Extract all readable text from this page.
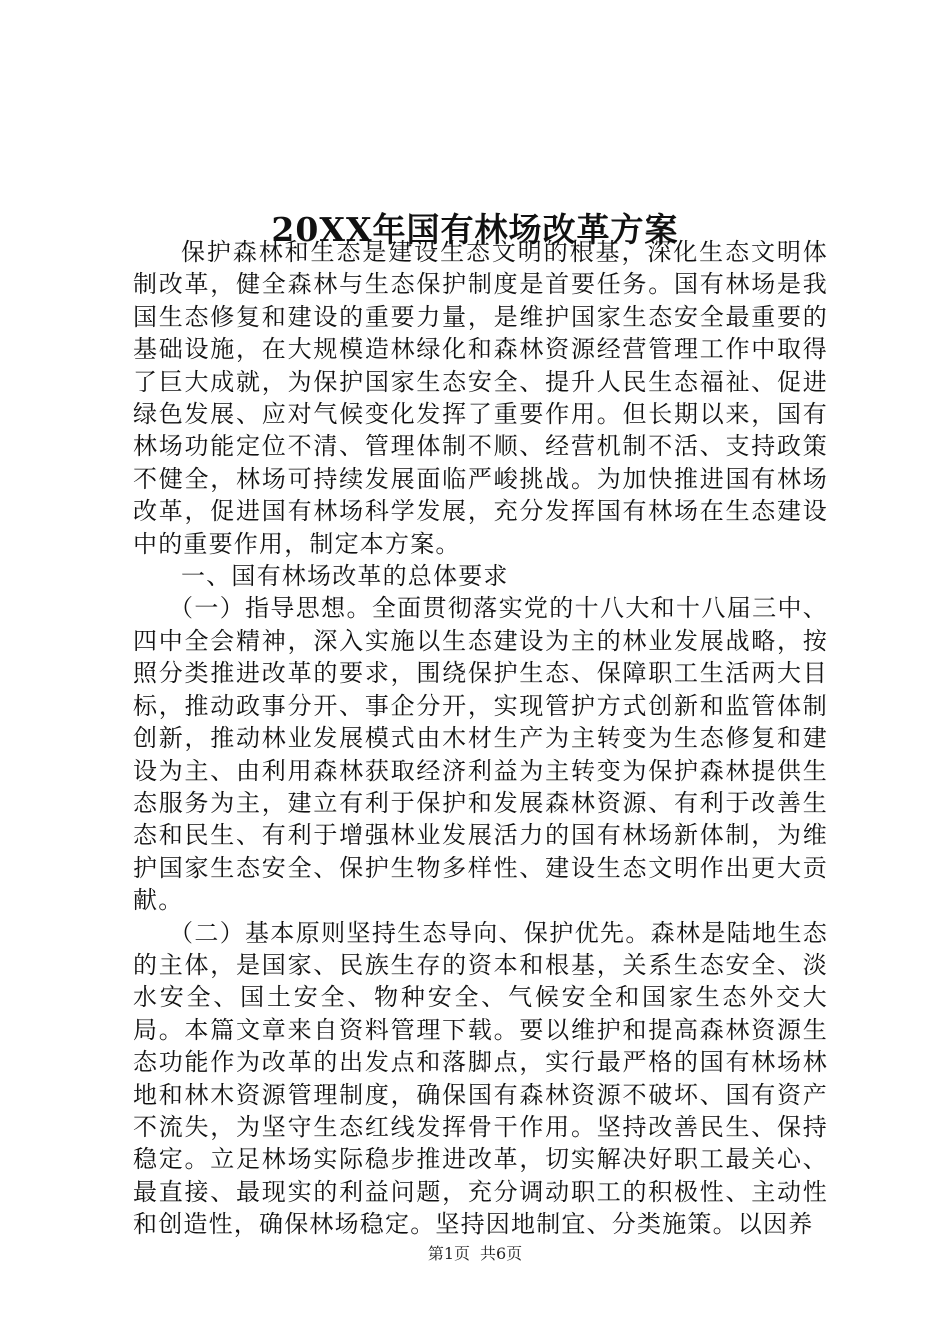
20XX年国有林场改革方案

保护森林和生态是建设生态文明的根基，深化生态文明体制改革，健全森林与生态保护制度是首要任务。国有林场是我国生态修复和建设的重要力量，是维护国家生态安全最重要的基础设施，在大规模造林绿化和森林资源经营管理工作中取得了巨大成就，为保护国家生态安全、提升人民生态福祉、促进绿色发展、应对气候变化发挥了重要作用。但长期以来，国有林场功能定位不清、管理体制不顺、经营机制不活、支持政策不健全，林场可持续发展面临严峻挑战。为加快推进国有林场改革，促进国有林场科学发展，充分发挥国有林场在生态建设中的重要作用，制定本方案。

一、国有林场改革的总体要求

（一）指导思想。全面贯彻落实党的十八大和十八届三中、四中全会精神，深入实施以生态建设为主的林业发展战略，按照分类推进改革的要求，围绕保护生态、保障职工生活两大目标，推动政事分开、事企分开，实现管护方式创新和监管体制创新，推动林业发展模式由木材生产为主转变为生态修复和建设为主、由利用森林获取经济利益为主转变为保护森林提供生态服务为主，建立有利于保护和发展森林资源、有利于改善生态和民生、有利于增强林业发展活力的国有林场新体制，为维护国家生态安全、保护生物多样性、建设生态文明作出更大贡献。

（二）基本原则坚持生态导向、保护优先。森林是陆地生态的主体，是国家、民族生存的资本和根基，关系生态安全、淡水安全、国土安全、物种安全、气候安全和国家生态外交大局。本篇文章来自资料管理下载。要以维护和提高森林资源生态功能作为改革的出发点和落脚点，实行最严格的国有林场林地和林木资源管理制度，确保国有森林资源不破坏、国有资产不流失，为坚守生态红线发挥骨干作用。坚持改善民生、保持稳定。立足林场实际稳步推进改革，切实解决好职工最关心、最直接、最现实的利益问题，充分调动职工的积极性、主动性和创造性，确保林场稳定。坚持因地制宜、分类施策。以因养

第1页 共6页
